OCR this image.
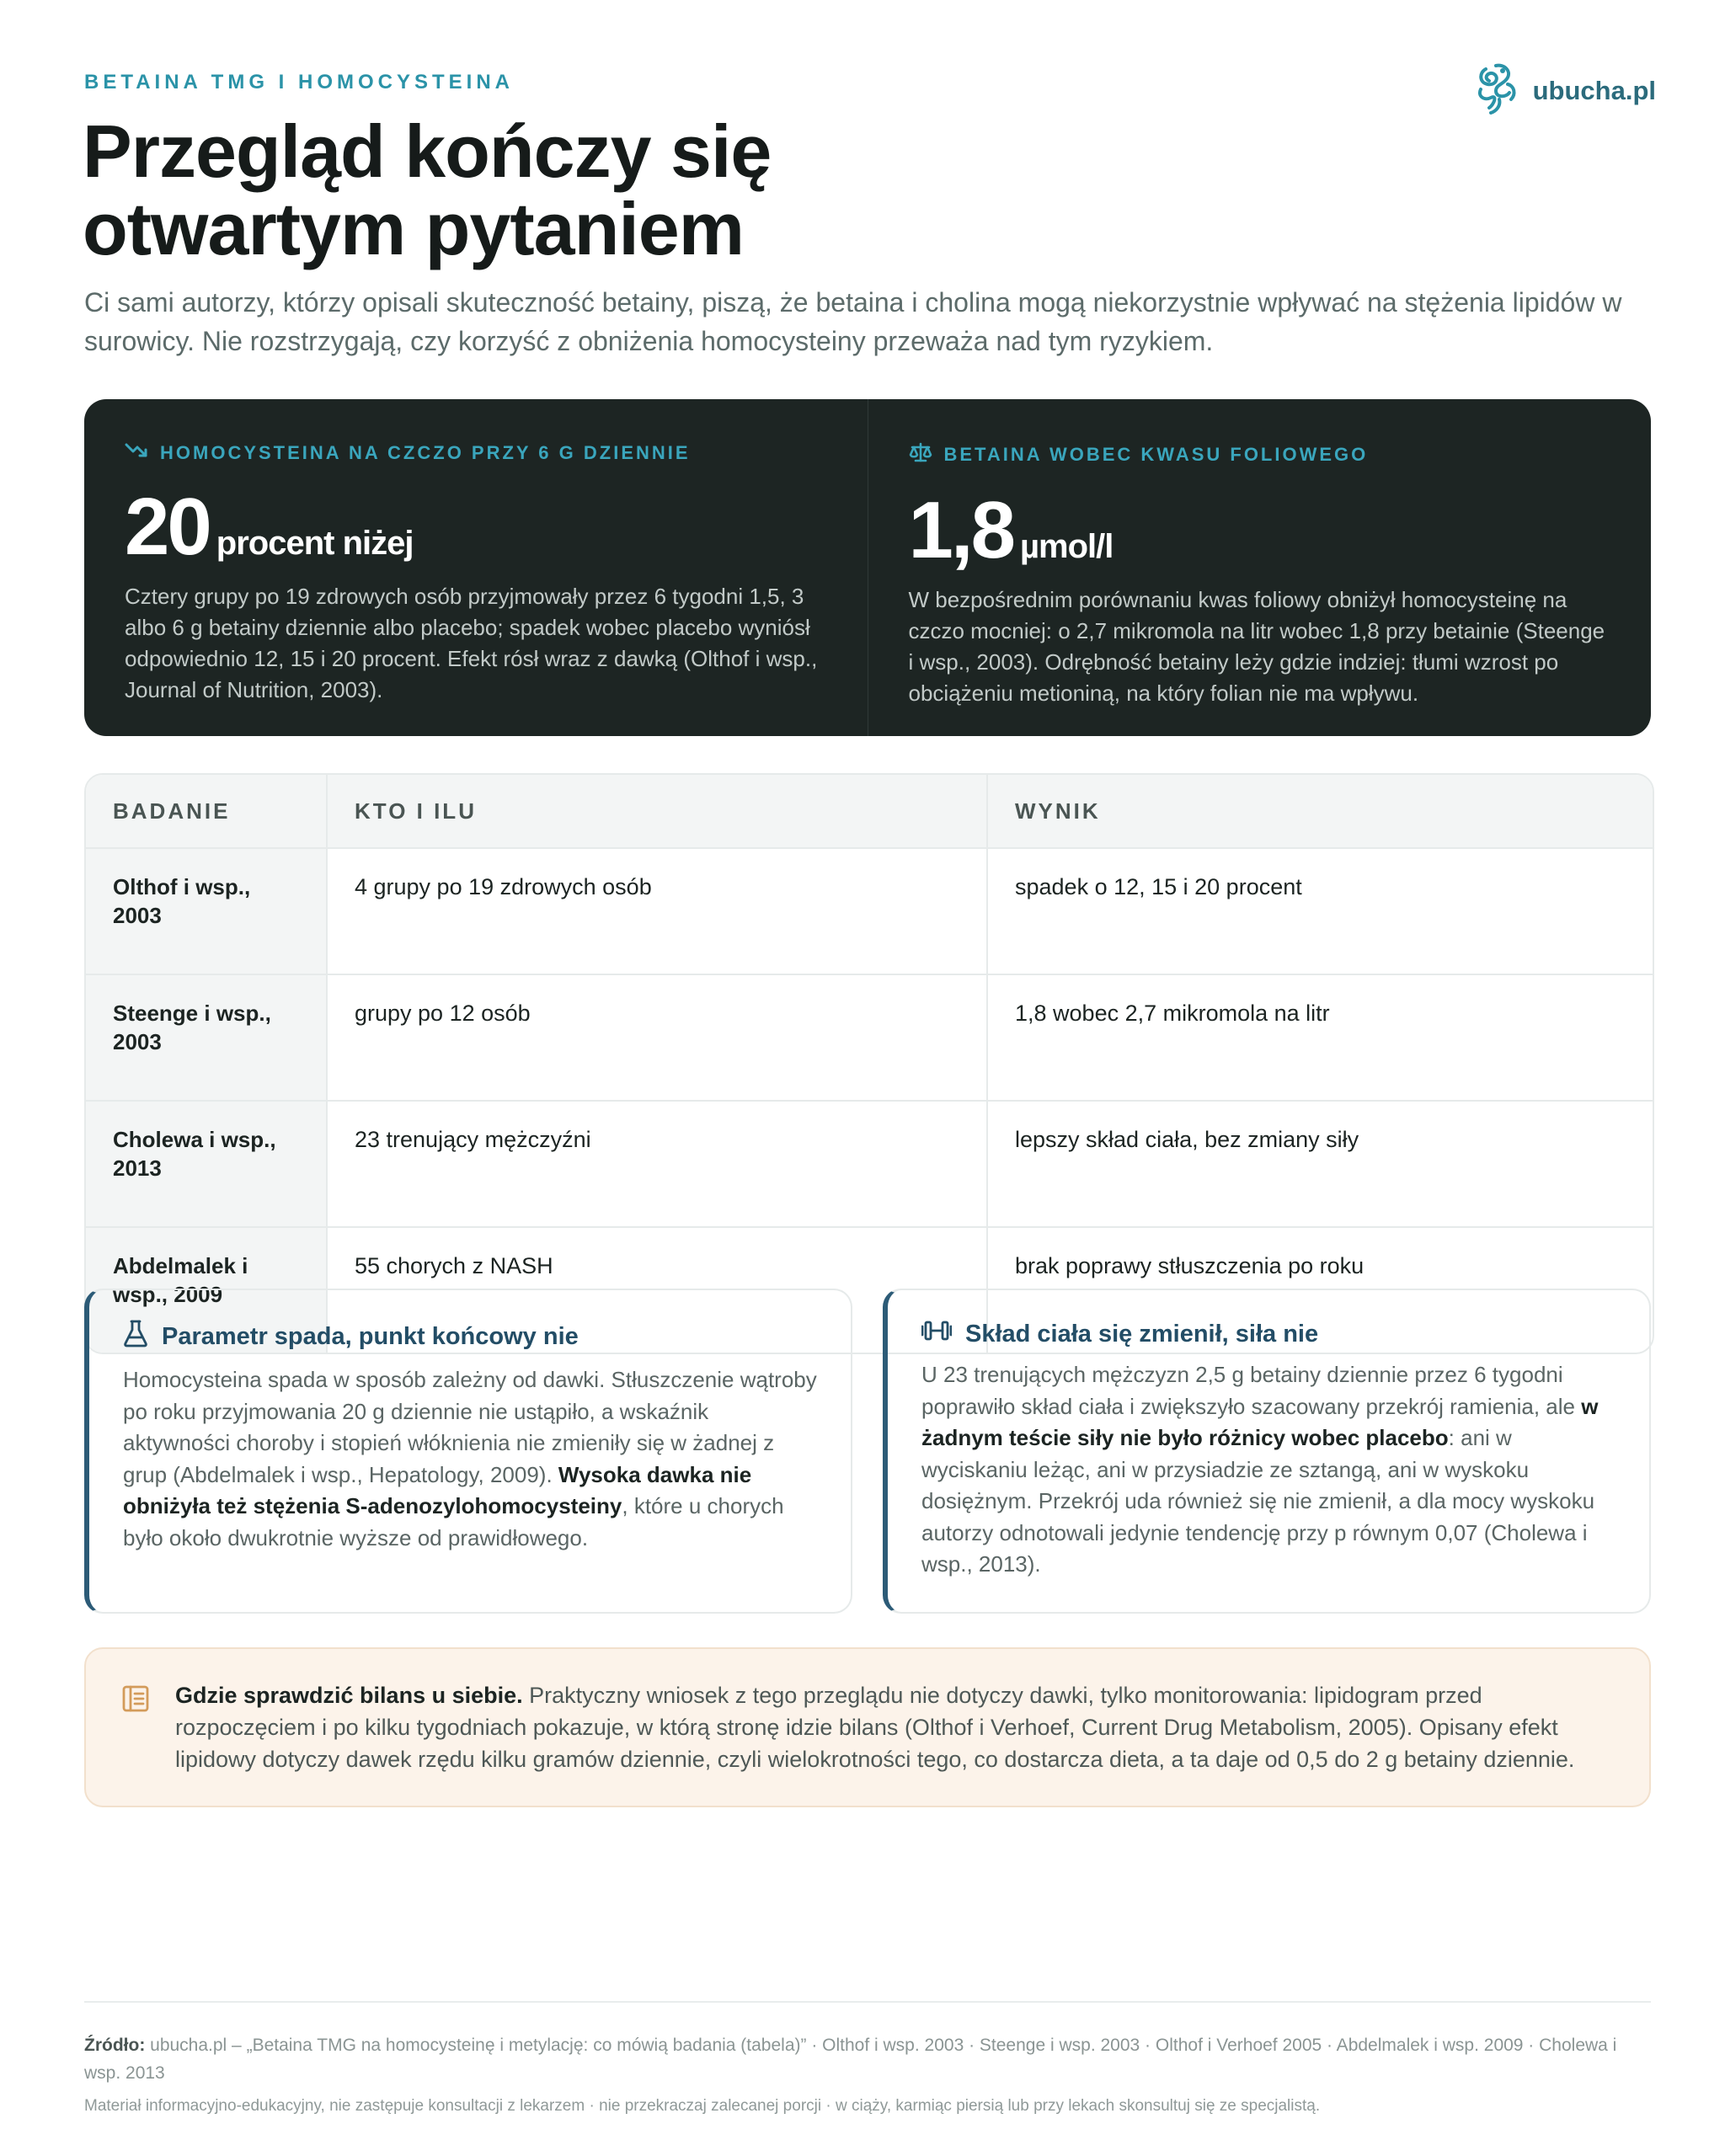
BETAINA TMG I HOMOCYSTEINA	ubucha.pl
Przegląd kończy się
otwartym pytaniem

Ci sami autorzy, którzy opisali skuteczność betainy, piszą, że betaina i cholina mogą niekorzystnie wpływać na stężenia lipidów w surowicy. Nie rozstrzygają, czy korzyść z obniżenia homocysteiny przeważa nad tym ryzykiem.

HOMOCYSTEINA NA CZCZO PRZY 6 G DZIENNIE
20 procent niżej
Cztery grupy po 19 zdrowych osób przyjmowały przez 6 tygodni 1,5, 3 albo 6 g betainy dziennie albo placebo; spadek wobec placebo wyniósł odpowiednio 12, 15 i 20 procent. Efekt rósł wraz z dawką (Olthof i wsp., Journal of Nutrition, 2003).
BETAINA WOBEC KWASU FOLIOWEGO
1,8 µmol/l
W bezpośrednim porównaniu kwas foliowy obniżył homocysteinę na czczo mocniej: o 2,7 mikromola na litr wobec 1,8 przy betainie (Steenge i wsp., 2003). Odrębność betainy leży gdzie indziej: tłumi wzrost po obciążeniu metioniną, na który folian nie ma wpływu.
BADANIE	KTO I ILU	WYNIK
Olthof i wsp., 2003	4 grupy po 19 zdrowych osób	spadek o 12, 15 i 20 procent
Steenge i wsp., 2003	grupy po 12 osób	1,8 wobec 2,7 mikromola na litr
Cholewa i wsp., 2013	23 trenujący mężczyźni	lepszy skład ciała, bez zmiany siły
Abdelmalek i wsp., 2009	55 chorych z NASH	brak poprawy stłuszczenia po roku
Parametr spada, punkt końcowy nie
Homocysteina spada w sposób zależny od dawki. Stłuszczenie wątroby po roku przyjmowania 20 g dziennie nie ustąpiło, a wskaźnik aktywności choroby i stopień włóknienia nie zmieniły się w żadnej z grup (Abdelmalek i wsp., Hepatology, 2009). Wysoka dawka nie obniżyła też stężenia S-adenozylohomocysteiny, które u chorych było około dwukrotnie wyższe od prawidłowego.
Skład ciała się zmienił, siła nie
U 23 trenujących mężczyzn 2,5 g betainy dziennie przez 6 tygodni poprawiło skład ciała i zwiększyło szacowany przekrój ramienia, ale w żadnym teście siły nie było różnicy wobec placebo: ani w wyciskaniu leżąc, ani w przysiadzie ze sztangą, ani w wyskoku dosiężnym. Przekrój uda również się nie zmienił, a dla mocy wyskoku autorzy odnotowali jedynie tendencję przy p równym 0,07 (Cholewa i wsp., 2013).
Gdzie sprawdzić bilans u siebie. Praktyczny wniosek z tego przeglądu nie dotyczy dawki, tylko monitorowania: lipidogram przed rozpoczęciem i po kilku tygodniach pokazuje, w którą stronę idzie bilans (Olthof i Verhoef, Current Drug Metabolism, 2005). Opisany efekt lipidowy dotyczy dawek rzędu kilku gramów dziennie, czyli wielokrotności tego, co dostarcza dieta, a ta daje od 0,5 do 2 g betainy dziennie.
Źródło: ubucha.pl – „Betaina TMG na homocysteinę i metylację: co mówią badania (tabela)” · Olthof i wsp. 2003 · Steenge i wsp. 2003 · Olthof i Verhoef 2005 · Abdelmalek i wsp. 2009 · Cholewa i wsp. 2013
Materiał informacyjno-edukacyjny, nie zastępuje konsultacji z lekarzem · nie przekraczaj zalecanej porcji · w ciąży, karmiąc piersią lub przy lekach skonsultuj się ze specjalistą.
